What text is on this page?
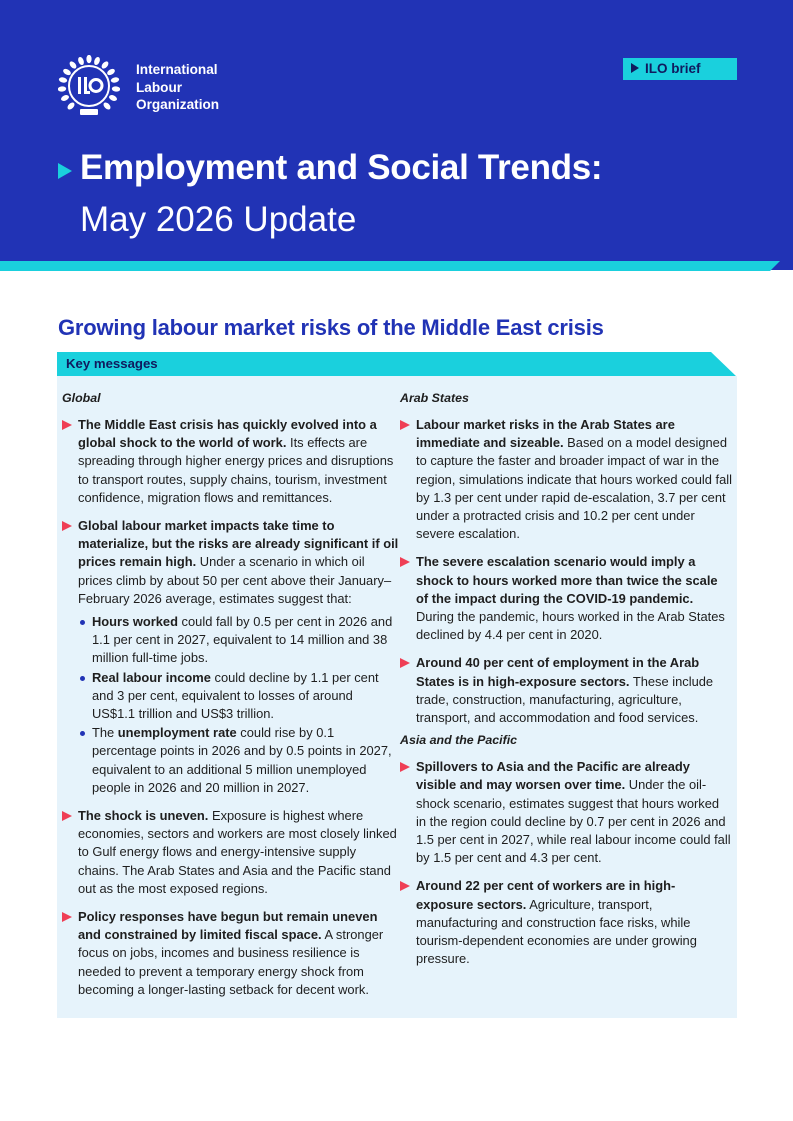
International
Labour
Organization
ILO brief
Employment and Social Trends:
May 2026 Update
Growing labour market risks of the Middle East crisis
Key messages
Global
The Middle East crisis has quickly evolved into a global shock to the world of work. Its effects are spreading through higher energy prices and disruptions to transport routes, supply chains, tourism, investment confidence, migration flows and remittances.
Global labour market impacts take time to materialize, but the risks are already significant if oil prices remain high. Under a scenario in which oil prices climb by about 50 per cent above their January–February 2026 average, estimates suggest that:
Hours worked could fall by 0.5 per cent in 2026 and 1.1 per cent in 2027, equivalent to 14 million and 38 million full-time jobs.
Real labour income could decline by 1.1 per cent and 3 per cent, equivalent to losses of around US$1.1 trillion and US$3 trillion.
The unemployment rate could rise by 0.1 percentage points in 2026 and by 0.5 points in 2027, equivalent to an additional 5 million unemployed people in 2026 and 20 million in 2027.
The shock is uneven. Exposure is highest where economies, sectors and workers are most closely linked to Gulf energy flows and energy-intensive supply chains. The Arab States and Asia and the Pacific stand out as the most exposed regions.
Policy responses have begun but remain uneven and constrained by limited fiscal space. A stronger focus on jobs, incomes and business resilience is needed to prevent a temporary energy shock from becoming a longer-lasting setback for decent work.
Arab States
Labour market risks in the Arab States are immediate and sizeable. Based on a model designed to capture the faster and broader impact of war in the region, simulations indicate that hours worked could fall by 1.3 per cent under rapid de-escalation, 3.7 per cent under a protracted crisis and 10.2 per cent under severe escalation.
The severe escalation scenario would imply a shock to hours worked more than twice the scale of the impact during the COVID-19 pandemic. During the pandemic, hours worked in the Arab States declined by 4.4 per cent in 2020.
Around 40 per cent of employment in the Arab States is in high-exposure sectors. These include trade, construction, manufacturing, agriculture, transport, and accommodation and food services.
Asia and the Pacific
Spillovers to Asia and the Pacific are already visible and may worsen over time. Under the oil-shock scenario, estimates suggest that hours worked in the region could decline by 0.7 per cent in 2026 and 1.5 per cent in 2027, while real labour income could fall by 1.5 per cent and 4.3 per cent.
Around 22 per cent of workers are in high-exposure sectors. Agriculture, transport, manufacturing and construction face risks, while tourism-dependent economies are under growing pressure.
